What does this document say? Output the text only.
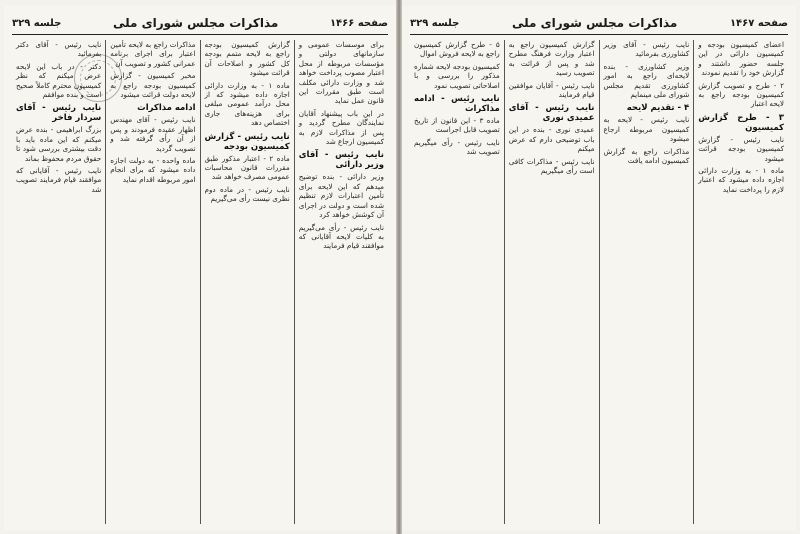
صفحه ۱۴۶۶
مذاکرات مجلس شورای ملی
جلسه ۳۲۹

برای موسسات عمومی و سازمانهای دولتی و مؤسسات مربوطه از محل اعتبار مصوب پرداخت خواهد شد و وزارت دارائی مکلف است طبق مقررات این قانون عمل نماید

در این باب پیشنهاد آقایان نمایندگان مطرح گردید و پس از مذاکرات لازم به کمیسیون ارجاع شد

نایب رئیس - آقای وزیر دارائی

وزیر دارائی - بنده توضیح میدهم که این لایحه برای تأمین اعتبارات لازم تنظیم شده است و دولت در اجرای آن کوشش خواهد کرد

نایب رئیس - رأی می‌گیریم به کلیات لایحه آقایانی که موافقند قیام فرمایند

گزارش کمیسیون بودجه راجع به لایحه متمم بودجه کل کشور و اصلاحات آن قرائت میشود

ماده ۱ - به وزارت دارائی اجازه داده میشود که از محل درآمد عمومی مبلغی برای هزینه‌های جاری اختصاص دهد

نایب رئیس - گزارش کمیسیون بودجه

ماده ۲ - اعتبار مذکور طبق مقررات قانون محاسبات عمومی مصرف خواهد شد

نایب رئیس - در ماده دوم نظری نیست رأی می‌گیریم

مذاکرات راجع به لایحه تأمین اعتبار برای اجرای برنامه عمرانی کشور و تصویب آن

مخبر کمیسیون - گزارش کمیسیون بودجه راجع به لایحه دولت قرائت میشود

ادامه مذاکرات

نایب رئیس - آقای مهندس اظهار عقیده فرمودند و پس از آن رأی گرفته شد و تصویب گردید

ماده واحده - به دولت اجازه داده میشود که برای انجام امور مربوطه اقدام نماید

نایب رئیس - آقای دکتر بفرمائید

دکتر - در باب این لایحه عرض میکنم که نظر کمیسیون محترم کاملاً صحیح است و بنده موافقم

نایب رئیس - آقای سردار فاخر

بزرگ ابراهیمی - بنده عرض میکنم که این ماده باید با دقت بیشتری بررسی شود تا حقوق مردم محفوظ بماند

نایب رئیس - آقایانی که موافقند قیام فرمایند تصویب شد

صفحه ۱۴۶۷
مذاکرات مجلس شورای ملی
جلسه ۳۲۹

اعضای کمیسیون بودجه و کمیسیون دارائی در این جلسه حضور داشتند و گزارش خود را تقدیم نمودند

۲ - طرح و تصویب گزارش کمیسیون بودجه راجع به لایحه اعتبار

۳ - طرح گزارش کمیسیون

نایب رئیس - گزارش کمیسیون بودجه قرائت میشود

ماده ۱ - به وزارت دارائی اجازه داده میشود که اعتبار لازم را پرداخت نماید

نایب رئیس - آقای وزیر کشاورزی بفرمائید

وزیر کشاورزی - بنده لایحه‌ای راجع به امور کشاورزی تقدیم مجلس شورای ملی مینمایم

۴ - تقدیم لایحه

نایب رئیس - لایحه به کمیسیون مربوطه ارجاع میشود

مذاکرات راجع به گزارش کمیسیون ادامه یافت

گزارش کمیسیون راجع به اعتبار وزارت فرهنگ مطرح شد و پس از قرائت به تصویب رسید

نایب رئیس - آقایان موافقین قیام فرمایند

نایب رئیس - آقای عمیدی نوری

عمیدی نوری - بنده در این باب توضیحی دارم که عرض میکنم

نایب رئیس - مذاکرات کافی است رأی میگیریم

۵ - طرح گزارش کمیسیون راجع به لایحه فروش اموال

کمیسیون بودجه لایحه شماره مذکور را بررسی و با اصلاحاتی تصویب نمود

نایب رئیس - ادامه مذاکرات

ماده ۳ - این قانون از تاریخ تصویب قابل اجراست

نایب رئیس - رأی میگیریم تصویب شد
